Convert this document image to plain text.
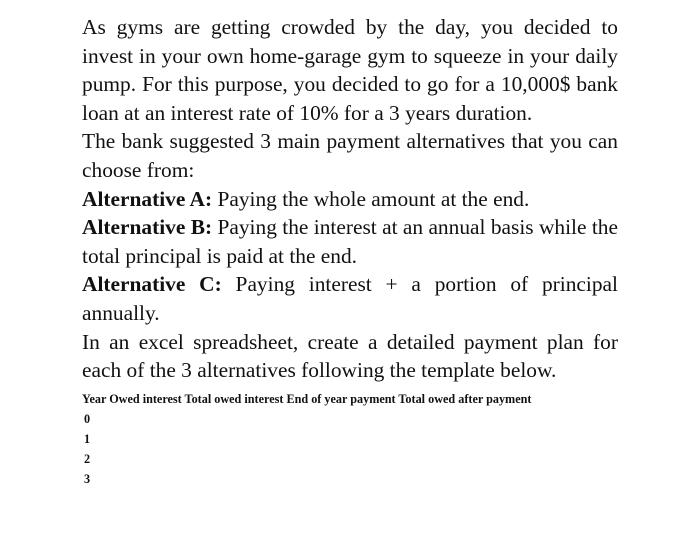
As gyms are getting crowded by the day, you decided to invest in your own home-garage gym to squeeze in your daily pump. For this purpose, you decided to go for a 10,000$ bank loan at an interest rate of 10% for a 3 years duration.

The bank suggested 3 main payment alternatives that you can choose from:

Alternative A: Paying the whole amount at the end.

Alternative B: Paying the interest at an annual basis while the total principal is paid at the end.

Alternative C: Paying interest + a portion of principal annually.

In an excel spreadsheet, create a detailed payment plan for each of the 3 alternatives following the template below.

Year Owed interest Total owed interest End of year payment Total owed after payment
0
1
2
3
